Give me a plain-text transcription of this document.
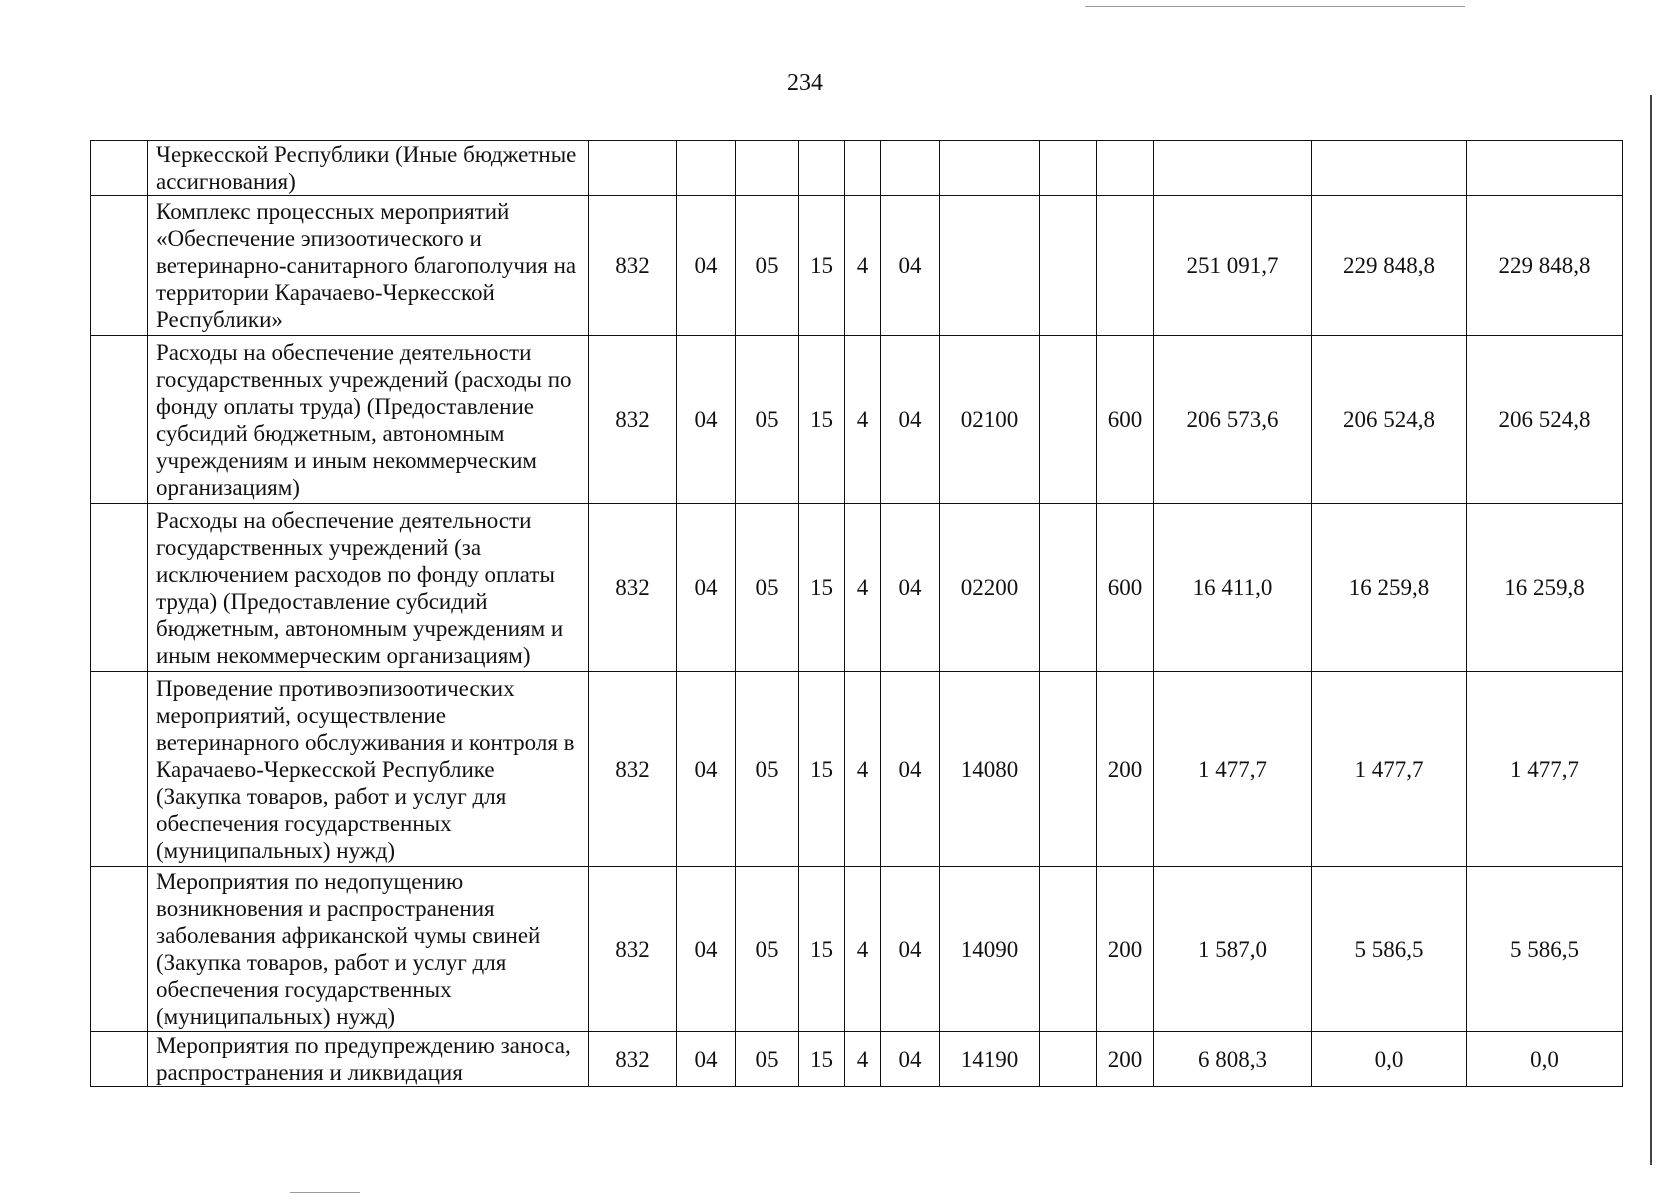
234
	Черкесской Республики (Иные бюджетные ассигнования)												
	Комплекс процессных мероприятий «Обеспечение эпизоотического и ветеринарно-санитарного благополучия на территории Карачаево-Черкесской Республики»	832	04	05	15	4	04				251 091,7	229 848,8	229 848,8
	Расходы на обеспечение деятельности государственных учреждений (расходы по фонду оплаты труда) (Предоставление субсидий бюджетным, автономным учреждениям и иным некоммерческим организациям)	832	04	05	15	4	04	02100		600	206 573,6	206 524,8	206 524,8
	Расходы на обеспечение деятельности государственных учреждений (за исключением расходов по фонду оплаты труда) (Предоставление субсидий бюджетным, автономным учреждениям и иным некоммерческим организациям)	832	04	05	15	4	04	02200		600	16 411,0	16 259,8	16 259,8
	Проведение противоэпизоотических мероприятий, осуществление ветеринарного обслуживания и контроля в Карачаево-Черкесской Республике (Закупка товаров, работ и услуг для обеспечения государственных (муниципальных) нужд)	832	04	05	15	4	04	14080		200	1 477,7	1 477,7	1 477,7
	Мероприятия по недопущению возникновения и распространения заболевания африканской чумы свиней (Закупка товаров, работ и услуг для обеспечения государственных (муниципальных) нужд)	832	04	05	15	4	04	14090		200	1 587,0	5 586,5	5 586,5
	Мероприятия по предупреждению заноса, распространения и ликвидация	832	04	05	15	4	04	14190		200	6 808,3	0,0	0,0
